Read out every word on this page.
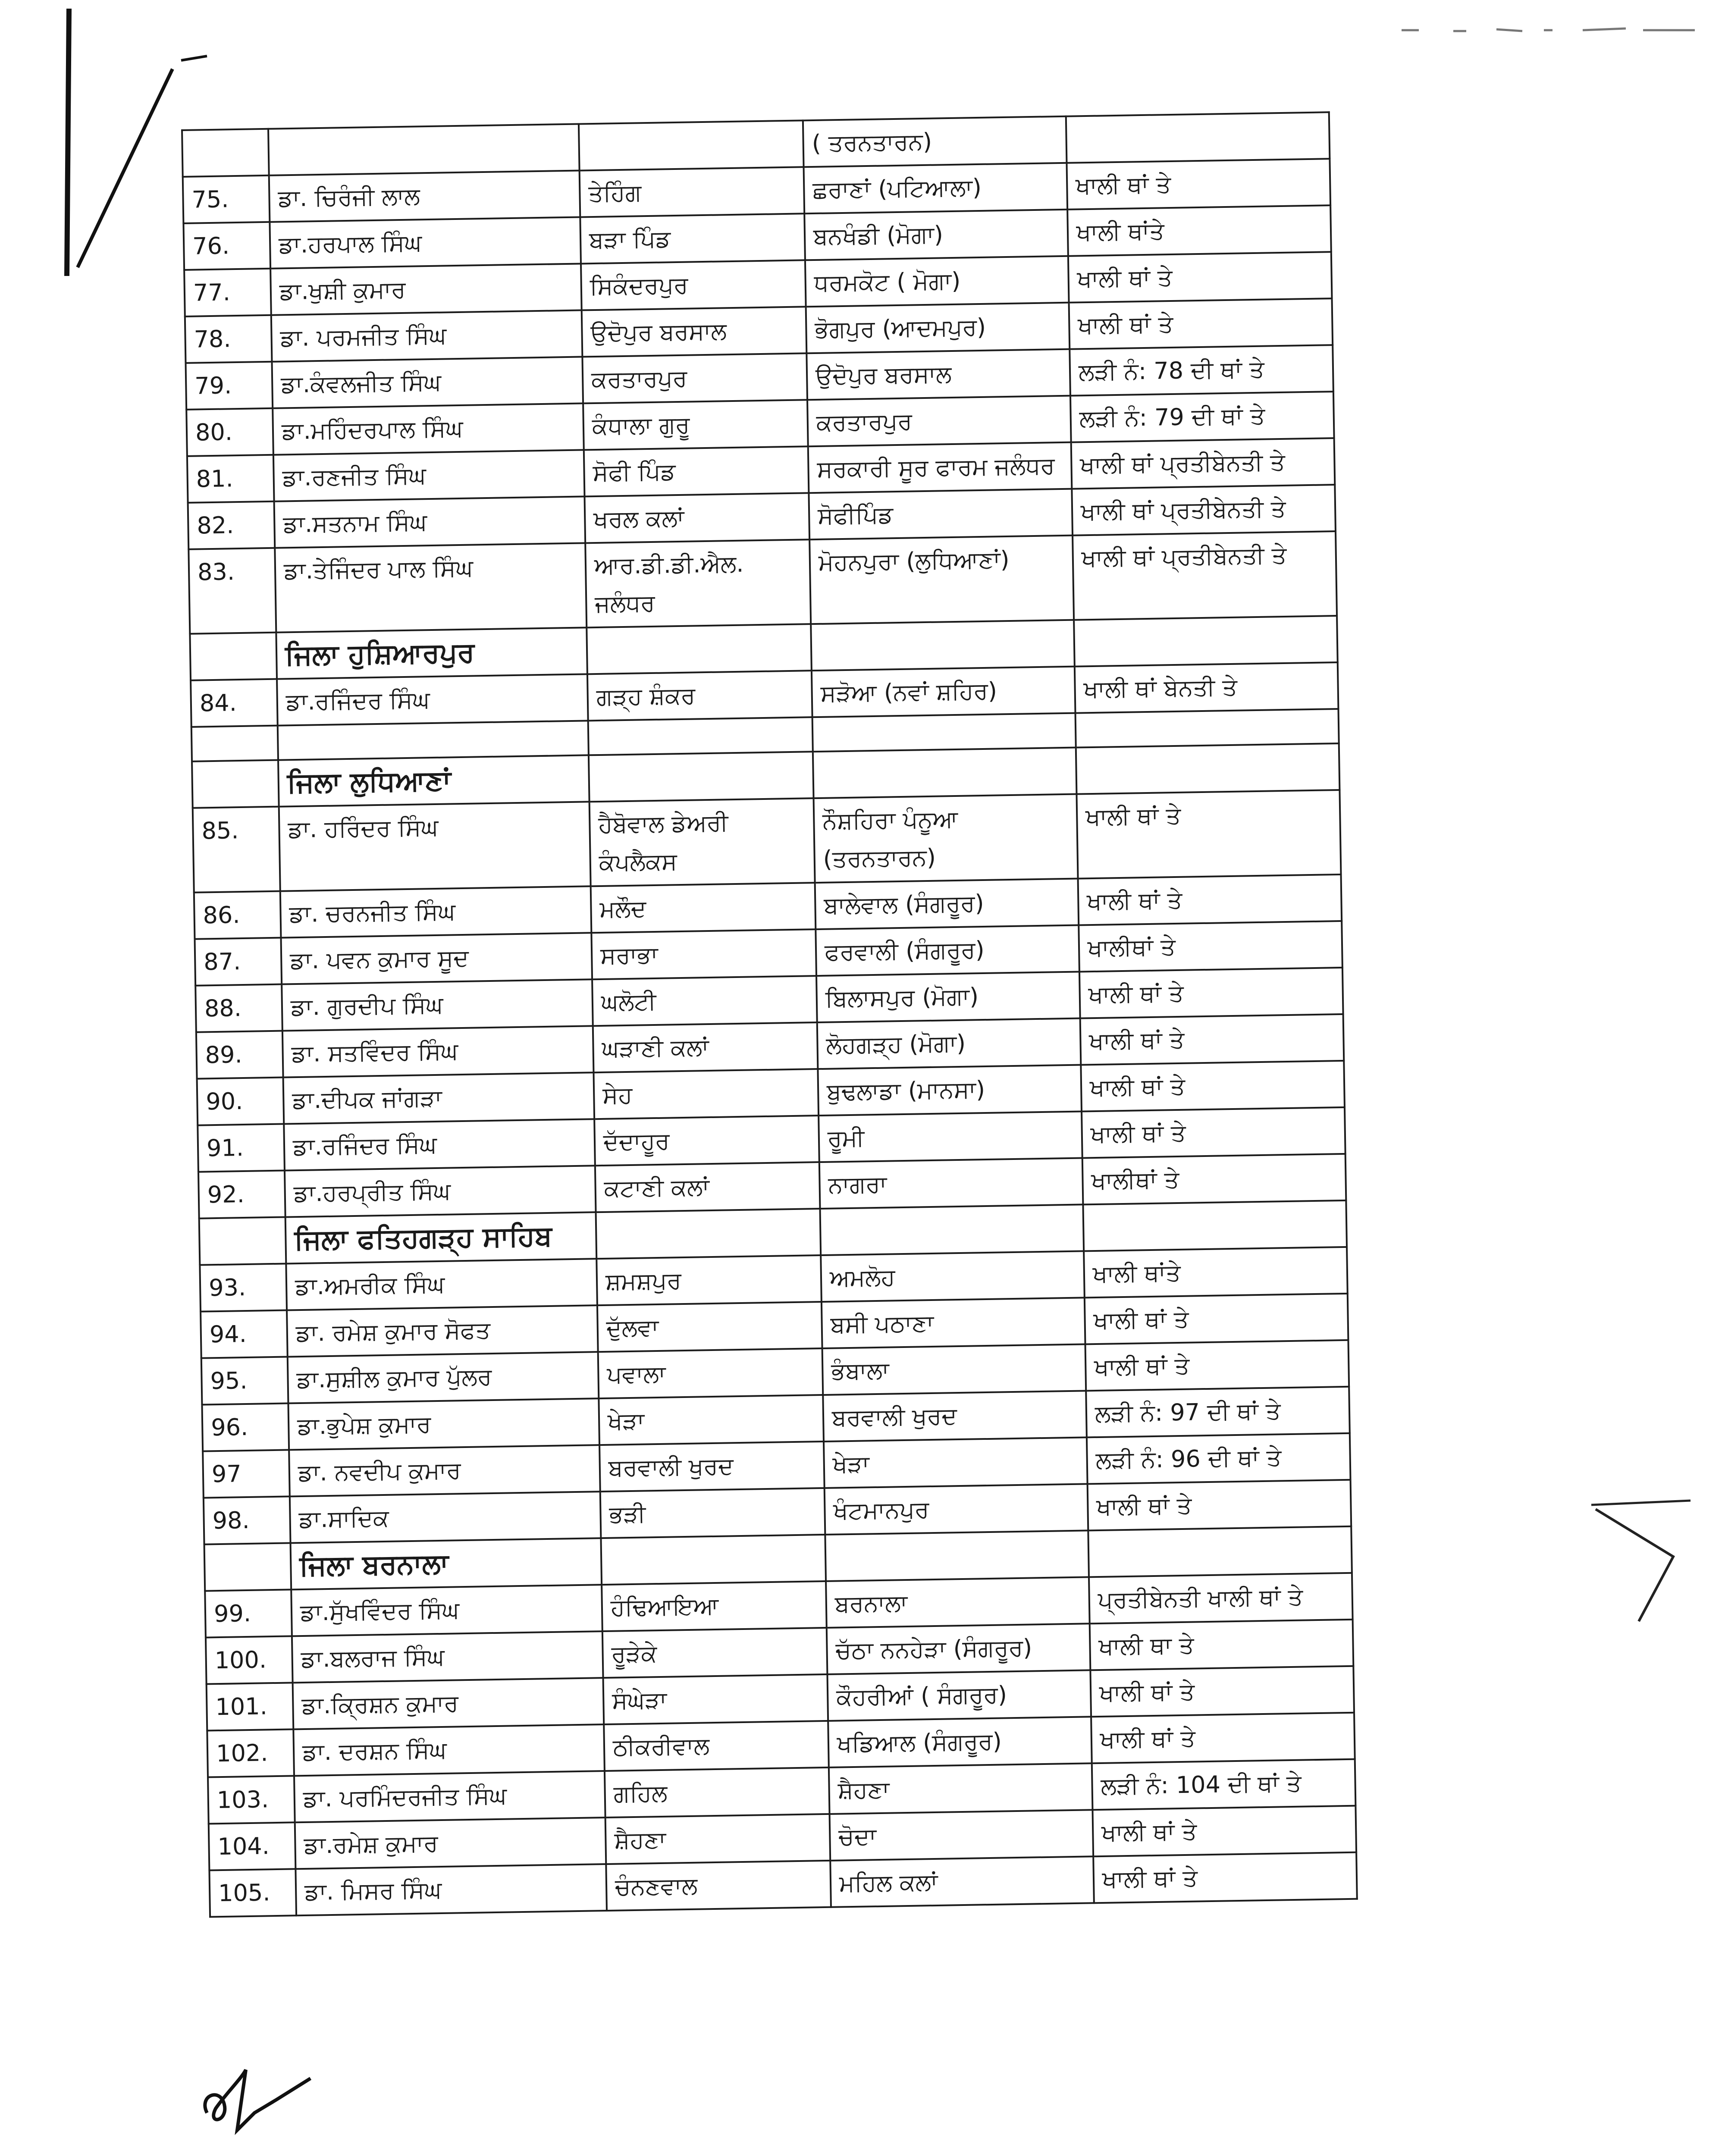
			( ਤਰਨਤਾਰਨ)	
75.	ਡਾ. ਚਿਰੰਜੀ ਲਾਲ	ਤੇਹਿੰਗ	ਛਰਾਣਾਂ (ਪਟਿਆਲਾ)	ਖਾਲੀ ਥਾਂ ਤੇ
76.	ਡਾ.ਹਰਪਾਲ ਸਿੰਘ	ਬੜਾ ਪਿੰਡ	ਬਨਖੰਡੀ (ਮੋਗਾ)	ਖਾਲੀ ਥਾਂਤੇ
77.	ਡਾ.ਖੁਸ਼ੀ ਕੁਮਾਰ	ਸਿਕੰਦਰਪੁਰ	ਧਰਮਕੋਟ ( ਮੋਗਾ)	ਖਾਲੀ ਥਾਂ ਤੇ
78.	ਡਾ. ਪਰਮਜੀਤ ਸਿੰਘ	ਉਦੋਪੁਰ ਬਰਸਾਲ	ਭੋਗਪੁਰ (ਆਦਮਪੁਰ)	ਖਾਲੀ ਥਾਂ ਤੇ
79.	ਡਾ.ਕੰਵਲਜੀਤ ਸਿੰਘ	ਕਰਤਾਰਪੁਰ	ਉਦੋਪੁਰ ਬਰਸਾਲ	ਲੜੀ ਨੰ: 78 ਦੀ ਥਾਂ ਤੇ
80.	ਡਾ.ਮਹਿੰਦਰਪਾਲ ਸਿੰਘ	ਕੰਧਾਲਾ ਗੁਰੂ	ਕਰਤਾਰਪੁਰ	ਲੜੀ ਨੰ: 79 ਦੀ ਥਾਂ ਤੇ
81.	ਡਾ.ਰਣਜੀਤ ਸਿੰਘ	ਸੋਫੀ ਪਿੰਡ	ਸਰਕਾਰੀ ਸੂਰ ਫਾਰਮ ਜਲੰਧਰ	ਖਾਲੀ ਥਾਂ ਪ੍ਰਤੀਬੇਨਤੀ ਤੇ
82.	ਡਾ.ਸਤਨਾਮ ਸਿੰਘ	ਖਰਲ ਕਲਾਂ	ਸੋਫੀਪਿੰਡ	ਖਾਲੀ ਥਾਂ ਪ੍ਰਤੀਬੇਨਤੀ ਤੇ
83.	ਡਾ.ਤੇਜਿੰਦਰ ਪਾਲ ਸਿੰਘ	ਆਰ.ਡੀ.ਡੀ.ਐਲ. ਜਲੰਧਰ	ਮੋਹਨਪੁਰਾ (ਲੁਧਿਆਣਾਂ)	ਖਾਲੀ ਥਾਂ ਪ੍ਰਤੀਬੇਨਤੀ ਤੇ
	ਜਿਲਾ ਹੁਸ਼ਿਆਰਪੁਰ			
84.	ਡਾ.ਰਜਿੰਦਰ ਸਿੰਘ	ਗੜ੍ਹ ਸ਼ੰਕਰ	ਸੜੋਆ (ਨਵਾਂ ਸ਼ਹਿਰ)	ਖਾਲੀ ਥਾਂ ਬੇਨਤੀ ਤੇ

	ਜਿਲਾ ਲੁਧਿਆਣਾਂ			
85.	ਡਾ. ਹਰਿੰਦਰ ਸਿੰਘ	ਹੈਬੋਵਾਲ ਡੇਅਰੀ ਕੰਪਲੈਕਸ	ਨੌਸ਼ਹਿਰਾ ਪੰਨੂਆ (ਤਰਨਤਾਰਨ)	ਖਾਲੀ ਥਾਂ ਤੇ
86.	ਡਾ. ਚਰਨਜੀਤ ਸਿੰਘ	ਮਲੌਦ	ਬਾਲੇਵਾਲ (ਸੰਗਰੂਰ)	ਖਾਲੀ ਥਾਂ ਤੇ
87.	ਡਾ. ਪਵਨ ਕੁਮਾਰ ਸੂਦ	ਸਰਾਭਾ	ਫਰਵਾਲੀ (ਸੰਗਰੂਰ)	ਖਾਲੀਥਾਂ ਤੇ
88.	ਡਾ. ਗੁਰਦੀਪ ਸਿੰਘ	ਘਲੋਟੀ	ਬਿਲਾਸਪੁਰ (ਮੋਗਾ)	ਖਾਲੀ ਥਾਂ ਤੇ
89.	ਡਾ. ਸਤਵਿੰਦਰ ਸਿੰਘ	ਘੜਾਣੀ ਕਲਾਂ	ਲੋਹਗੜ੍ਹ (ਮੋਗਾ)	ਖਾਲੀ ਥਾਂ ਤੇ
90.	ਡਾ.ਦੀਪਕ ਜਾਂਗੜਾ	ਸੇਹ	ਬੁਢਲਾਡਾ (ਮਾਨਸਾ)	ਖਾਲੀ ਥਾਂ ਤੇ
91.	ਡਾ.ਰਜਿੰਦਰ ਸਿੰਘ	ਦੱਦਾਹੂਰ	ਰੂਮੀ	ਖਾਲੀ ਥਾਂ ਤੇ
92.	ਡਾ.ਹਰਪ੍ਰੀਤ ਸਿੰਘ	ਕਟਾਣੀ ਕਲਾਂ	ਨਾਗਰਾ	ਖਾਲੀਥਾਂ ਤੇ
	ਜਿਲਾ ਫਤਿਹਗੜ੍ਹ ਸਾਹਿਬ			
93.	ਡਾ.ਅਮਰੀਕ ਸਿੰਘ	ਸ਼ਮਸ਼ਪੁਰ	ਅਮਲੋਹ	ਖਾਲੀ ਥਾਂਤੇ
94.	ਡਾ. ਰਮੇਸ਼ ਕੁਮਾਰ ਸੋਫਤ	ਦੁੱਲਵਾ	ਬਸੀ ਪਠਾਣਾ	ਖਾਲੀ ਥਾਂ ਤੇ
95.	ਡਾ.ਸੁਸ਼ੀਲ ਕੁਮਾਰ ਪੁੱਲਰ	ਪਵਾਲਾ	ਭੰਬਾਲਾ	ਖਾਲੀ ਥਾਂ ਤੇ
96.	ਡਾ.ਭੁਪੇਸ਼ ਕੁਮਾਰ	ਖੇੜਾ	ਬਰਵਾਲੀ ਖੁਰਦ	ਲੜੀ ਨੰ: 97 ਦੀ ਥਾਂ ਤੇ
97	ਡਾ. ਨਵਦੀਪ ਕੁਮਾਰ	ਬਰਵਾਲੀ ਖੁਰਦ	ਖੇੜਾ	ਲੜੀ ਨੰ: 96 ਦੀ ਥਾਂ ਤੇ
98.	ਡਾ.ਸਾਦਿਕ	ਭੜੀ	ਖੰਟਮਾਨਪੁਰ	ਖਾਲੀ ਥਾਂ ਤੇ
	ਜਿਲਾ ਬਰਨਾਲਾ			
99.	ਡਾ.ਸੁੱਖਵਿੰਦਰ ਸਿੰਘ	ਹੰਢਿਆਇਆ	ਬਰਨਾਲਾ	ਪ੍ਰਤੀਬੇਨਤੀ ਖਾਲੀ ਥਾਂ ਤੇ
100.	ਡਾ.ਬਲਰਾਜ ਸਿੰਘ	ਰੂੜੇਕੇ	ਚੱਠਾ ਨਨਹੇੜਾ (ਸੰਗਰੂਰ)	ਖਾਲੀ ਥਾ ਤੇ
101.	ਡਾ.ਕ੍ਰਿਸ਼ਨ ਕੁਮਾਰ	ਸੰਘੇੜਾ	ਕੌਹਰੀਆਂ ( ਸੰਗਰੂਰ)	ਖਾਲੀ ਥਾਂ ਤੇ
102.	ਡਾ. ਦਰਸ਼ਨ ਸਿੰਘ	ਠੀਕਰੀਵਾਲ	ਖਡਿਆਲ (ਸੰਗਰੂਰ)	ਖਾਲੀ ਥਾਂ ਤੇ
103.	ਡਾ. ਪਰਮਿੰਦਰਜੀਤ ਸਿੰਘ	ਗਹਿਲ	ਸ਼ੈਹਣਾ	ਲੜੀ ਨੰ: 104 ਦੀ ਥਾਂ ਤੇ
104.	ਡਾ.ਰਮੇਸ਼ ਕੁਮਾਰ	ਸ਼ੈਹਣਾ	ਚੋਦਾ	ਖਾਲੀ ਥਾਂ ਤੇ
105.	ਡਾ. ਮਿਸਰ ਸਿੰਘ	ਚੰਨਣਵਾਲ	ਮਹਿਲ ਕਲਾਂ	ਖਾਲੀ ਥਾਂ ਤੇ
